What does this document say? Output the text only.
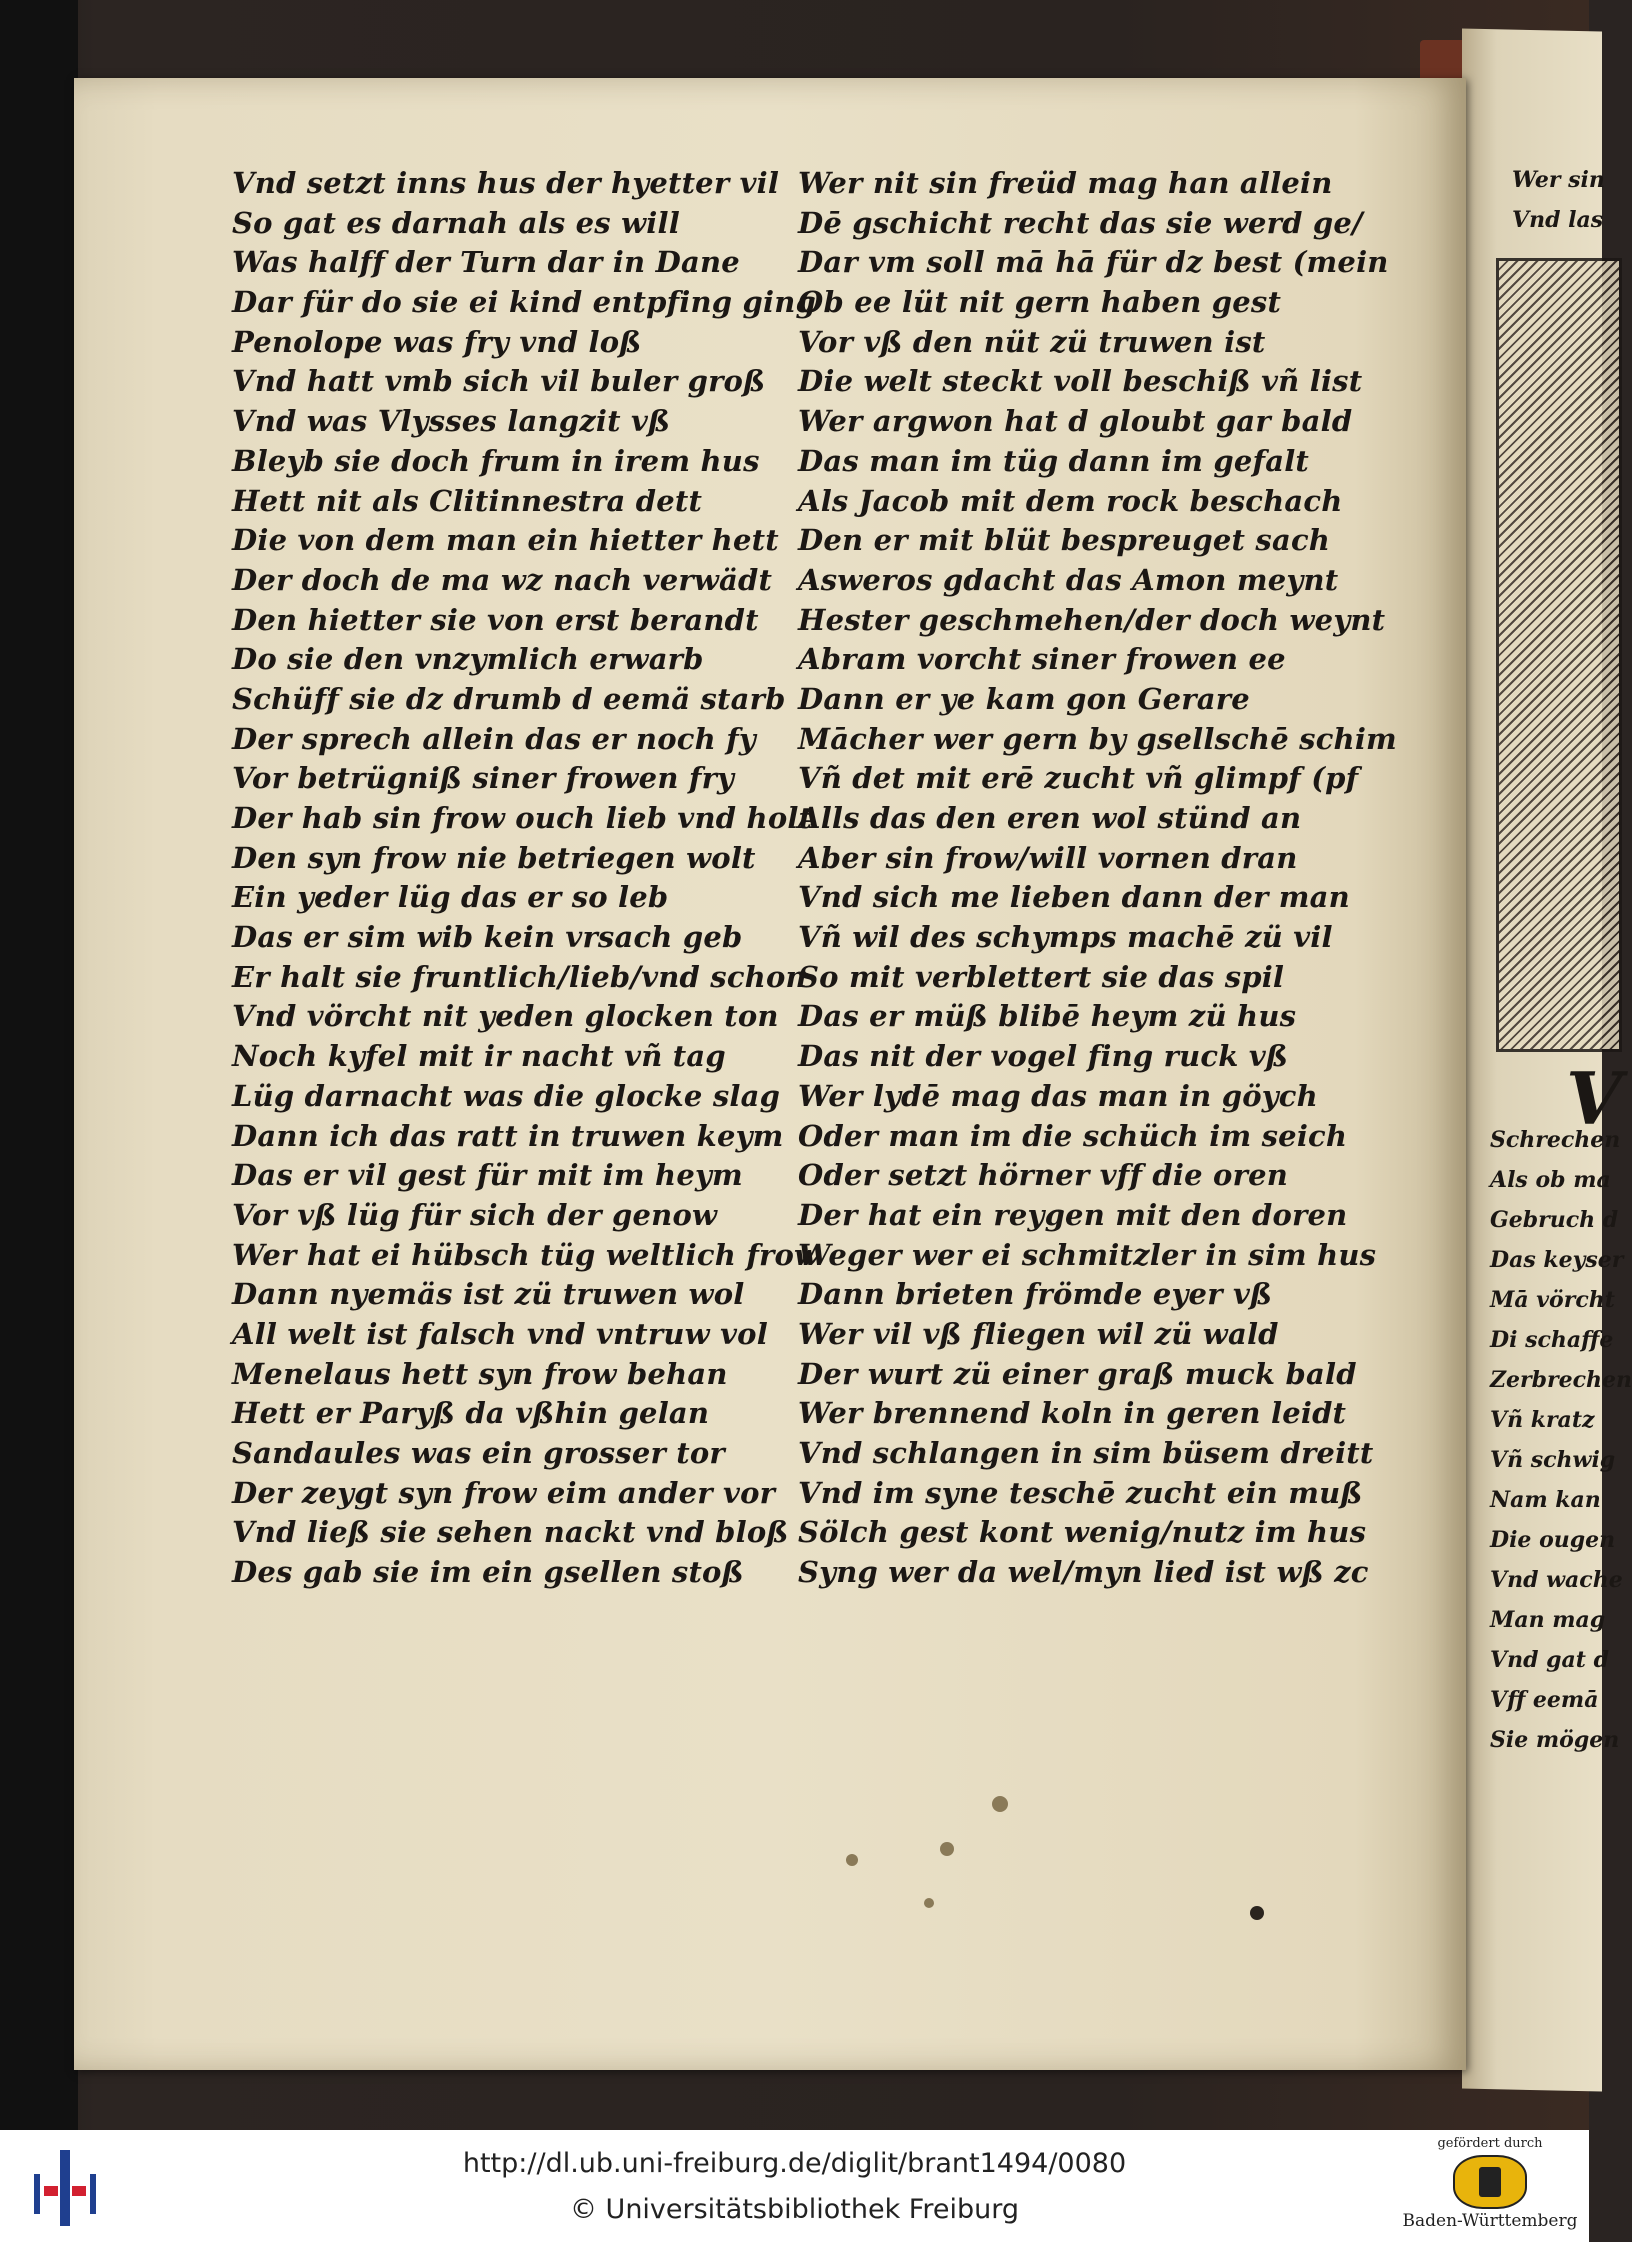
Vnd setzt inns hus der hyetter vil
So gat es darnah als es will
Was halff der Turn dar in Dane
Dar für do sie ei kind entpfing ging
Penolope was fry vnd loß
Vnd hatt vmb sich vil buler groß
Vnd was Vlysses langzit vß
Bleyb sie doch frum in irem hus
Hett nit als Clitinnestra dett
Die von dem man ein hietter hett
Der doch de ma wz nach verwädt
Den hietter sie von erst berandt
Do sie den vnzymlich erwarb
Schüff sie dz drumb d eemä starb
Der sprech allein das er noch fy
Vor betrügniß siner frowen fry
Der hab sin frow ouch lieb vnd holt
Den syn frow nie betriegen wolt
Ein yeder lüg das er so leb
Das er sim wib kein vrsach geb
Er halt sie fruntlich/lieb/vnd schon
Vnd vörcht nit yeden glocken ton
Noch kyfel mit ir nacht vñ tag
Lüg darnacht was die glocke slag
Dann ich das ratt in truwen keym
Das er vil gest für mit im heym
Vor vß lüg für sich der genow
Wer hat ei hübsch tüg weltlich frow
Dann nyemäs ist zü truwen wol
All welt ist falsch vnd vntruw vol
Menelaus hett syn frow behan
Hett er Paryß da vßhin gelan
Sandaules was ein grosser tor
Der zeygt syn frow eim ander vor
Vnd ließ sie sehen nackt vnd bloß
Des gab sie im ein gsellen stoß
Wer nit sin freüd mag han allein
Dē gschicht recht das sie werd ge/
Dar vm soll mā hā für dz best (mein
Ob ee lüt nit gern haben gest
Vor vß den nüt zü truwen ist
Die welt steckt voll beschiß vñ list
Wer argwon hat d gloubt gar bald
Das man im tüg dann im gefalt
Als Jacob mit dem rock beschach
Den er mit blüt bespreuget sach
Asweros gdacht das Amon meynt
Hester geschmehen/der doch weynt
Abram vorcht siner frowen ee
Dann er ye kam gon Gerare
Mācher wer gern by gsellschē schim
Vñ det mit erē zucht vñ glimpf (pf
Alls das den eren wol stünd an
Aber sin frow/will vornen dran
Vnd sich me lieben dann der man
Vñ wil des schymps machē zü vil
So mit verblettert sie das spil
Das er müß blibē heym zü hus
Das nit der vogel fing ruck vß
Wer lydē mag das man in göych
Oder man im die schüch im seich
Oder setzt hörner vff die oren
Der hat ein reygen mit den doren
Weger wer ei schmitzler in sim hus
Dann brieten frömde eyer vß
Wer vil vß fliegen wil zü wald
Der wurt zü einer graß muck bald
Wer brennend koln in geren leidt
Vnd schlangen in sim büsem dreitt
Vnd im syne teschē zucht ein muß
Sölch gest kont wenig/nutz im hus
Syng wer da wel/myn lied ist wß zc
Wer sin
Vnd las
V
Schrechen
Als ob ma
Gebruch d
Das keyser
Mā vörcht
Di schaffe
Zerbrechen
Vñ kratz
Vñ schwig
Nam kan
Die ougen
Vnd wache
Man mag
Vnd gat d
Vff eemā
Sie mögen
http://dl.ub.uni-freiburg.de/diglit/brant1494/0080
© Universitätsbibliothek Freiburg
gefördert durch
Baden-Württemberg
